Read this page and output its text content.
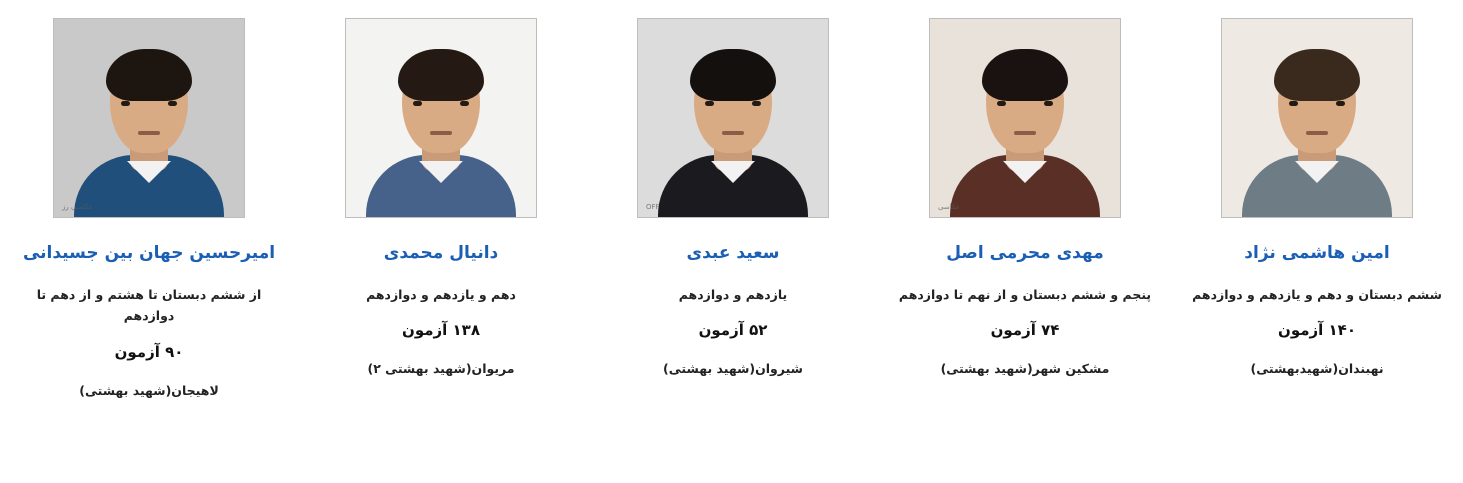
امین هاشمی نژاد
ششم دبستان و دهم و یازدهم و دوازدهم
۱۴۰ آزمون
نهبندان(شهیدبهشتی)
عکاسی
مهدی محرمی اصل
پنجم و ششم دبستان و از نهم تا دوازدهم
۷۴ آزمون
مشکین شهر(شهید بهشتی)
OFF
سعید عبدی
یازدهم و دوازدهم
۵۲ آزمون
شیروان(شهید بهشتی)
دانیال محمدی
دهم و یازدهم و دوازدهم
۱۳۸ آزمون
مریوان(شهید بهشتی ۲)
عکاسی رز
امیرحسین جهان بین جسیدانی
از ششم دبستان تا هشتم و از دهم تا دوازدهم
۹۰ آزمون
لاهیجان(شهید بهشتی)
